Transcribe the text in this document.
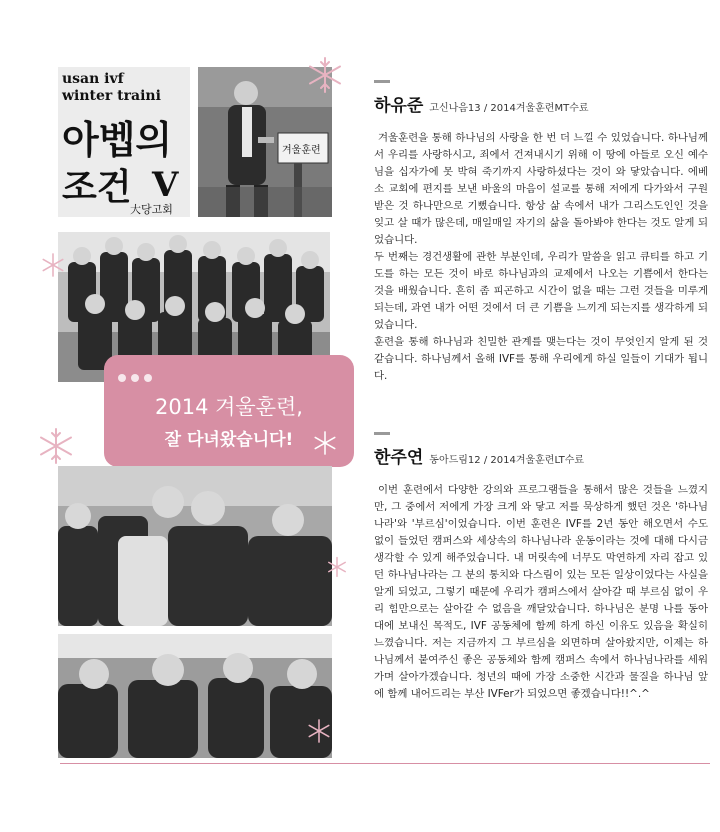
usan ivf
winter traini
아벱의
조건 V
大당고회
겨울훈련
2014 겨울훈련,
잘 다녀왔습니다!
하유준 고신나음13 / 2014겨울훈련MT수료

겨울훈련을 통해 하나님의 사랑을 한 번 더 느낄 수 있었습니다. 하나님께서 우리를 사랑하시고, 죄에서 건져내시기 위해 이 땅에 아들로 오신 예수님을 십자가에 못 박혀 죽기까지 사랑하셨다는 것이 와 닿았습니다. 에베소 교회에 편지를 보낸 바울의 마음이 설교를 통해 저에게 다가와서 구원받은 것 하나만으로 기뻤습니다. 항상 삶 속에서 내가 그리스도인인 것을 잊고 살 때가 많은데, 매일매일 자기의 삶을 돌아봐야 한다는 것도 알게 되었습니다.

두 번째는 경건생활에 관한 부분인데, 우리가 말씀을 읽고 큐티를 하고 기도를 하는 모든 것이 바로 하나님과의 교제에서 나오는 기쁨에서 한다는 것을 배웠습니다. 흔히 좀 피곤하고 시간이 없을 때는 그런 것들을 미루게 되는데, 과연 내가 어떤 것에서 더 큰 기쁨을 느끼게 되는지를 생각하게 되었습니다.

훈련을 통해 하나님과 친밀한 관계를 맺는다는 것이 무엇인지 알게 된 것 같습니다. 하나님께서 올해 IVF를 통해 우리에게 하실 일들이 기대가 됩니다.

한주연 동아드림12 / 2014겨울훈련LT수료

이번 훈련에서 다양한 강의와 프로그램들을 통해서 많은 것들을 느꼈지만, 그 중에서 저에게 가장 크게 와 닿고 저를 묵상하게 했던 것은 '하나님나라'와 '부르심'이었습니다. 이번 훈련은 IVF를 2년 동안 해오면서 수도 없이 들었던 캠퍼스와 세상속의 하나님나라 운동이라는 것에 대해 다시금 생각할 수 있게 해주었습니다. 내 머릿속에 너무도 막연하게 자리 잡고 있던 하나님나라는 그 분의 통치와 다스림이 있는 모든 일상이었다는 사실을 알게 되었고, 그렇기 때문에 우리가 캠퍼스에서 살아갈 때 부르심 없이 우리 힘만으로는 살아갈 수 없음을 깨달았습니다. 하나님은 분명 나를 동아대에 보내신 목적도, IVF 공동체에 함께 하게 하신 이유도 있음을 확실히 느꼈습니다. 저는 지금까지 그 부르심을 외면하며 살아왔지만, 이제는 하나님께서 붙여주신 좋은 공동체와 함께 캠퍼스 속에서 하나님나라를 세워가며 살아가겠습니다. 청년의 때에 가장 소중한 시간과 물질을 하나님 앞에 함께 내어드리는 부산 IVFer가 되었으면 좋겠습니다!!^.^
